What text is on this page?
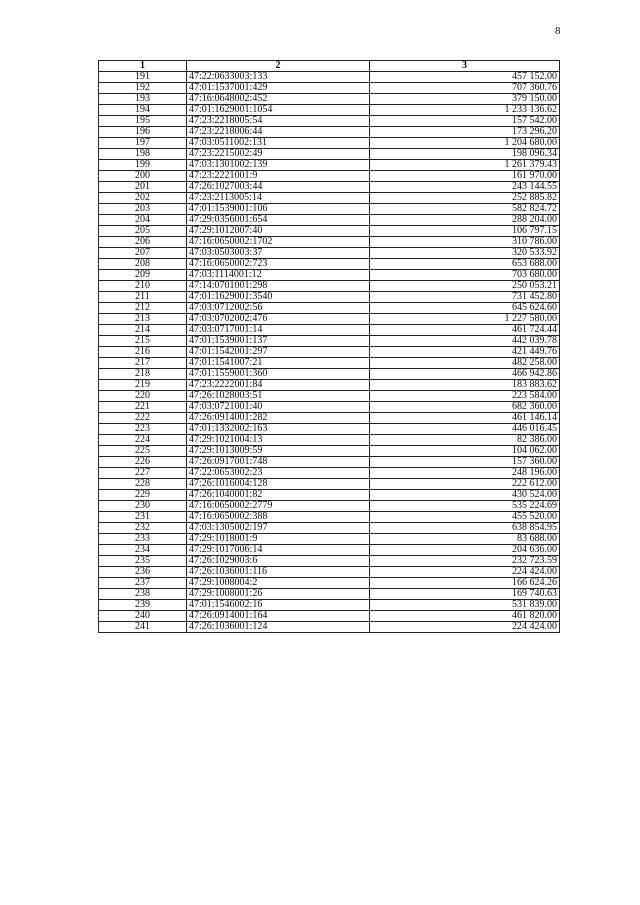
8
1	2	3
191	47:22:0633003:133	457 152.00
192	47:01:1537001:429	707 360.76
193	47:16:0648002:452	379 150.00
194	47:01:1629001:1054	1 233 136.62
195	47:23:2218005:54	157 542.00
196	47:23:2218006:44	173 296.20
197	47:03:0511002:131	1 204 680.00
198	47:23:2215002:49	198 096.34
199	47:03:1301002:139	1 261 379.43
200	47:23:2221001:9	161 970.00
201	47:26:1027003:44	243 144.55
202	47:23:2113005:14	252 885.82
203	47:01:1539001:106	582 824.72
204	47:29:0356001:654	288 204.00
205	47:29:1012007:40	106 797.15
206	47:16:0650002:1702	310 786.00
207	47:03:0503003:37	320 533.92
208	47:16:0650002:723	653 688.00
209	47:03:1114001:12	703 680.00
210	47:14:0701001:298	250 053.21
211	47:01:1629001:3540	731 452.80
212	47:03:0712002:56	645 624.60
213	47:03:0702002:476	1 227 580.00
214	47:03:0717001:14	461 724.44
215	47:01:1539001:137	442 039.78
216	47:01:1542001:297	421 449.76
217	47:01:1541007:21	482 258.00
218	47:01:1559001:360	466 942.86
219	47:23:2222001:84	183 883.62
220	47:26:1028003:51	223 584.00
221	47:03:0721001:40	682 360.00
222	47:26:0914001:282	461 146.14
223	47:01:1332002:163	446 016.45
224	47:29:1021004:13	82 386.00
225	47:29:1013009:59	104 062.00
226	47:26:0917001:748	157 360.00
227	47:22:0653002:23	248 196.00
228	47:26:1016004:128	222 612.00
229	47:26:1040001:82	430 524.00
230	47:16:0650002:2779	535 224.69
231	47:16:0650002:388	455 520.00
232	47:03:1305002:197	638 854.95
233	47:29:1018001:9	83 688.00
234	47:29:1017006:14	204 636.00
235	47:26:1029003:6	232 723.59
236	47:26:1036001:116	224 424.00
237	47:29:1008004:2	166 624.26
238	47:29:1008001:26	169 740.63
239	47:01:1546002:16	531 839.00
240	47:26:0914001:164	461 820.00
241	47:26:1036001:124	224 424.00
